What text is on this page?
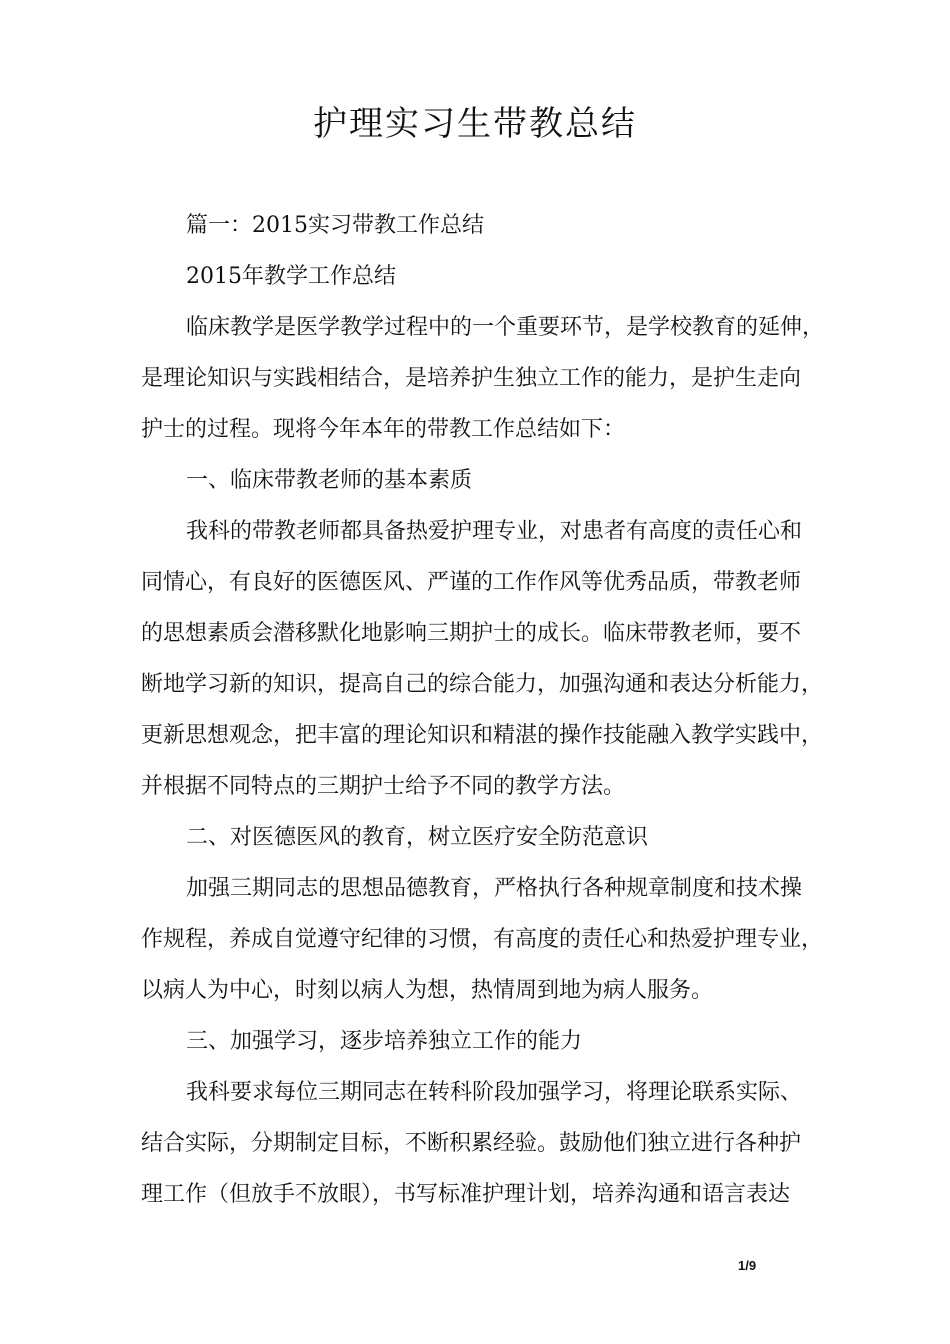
护理实习生带教总结
篇一：2015实习带教工作总结
2015年教学工作总结
临床教学是医学教学过程中的一个重要环节，是学校教育的延伸，
是理论知识与实践相结合，是培养护生独立工作的能力，是护生走向
护士的过程。现将今年本年的带教工作总结如下：
一、临床带教老师的基本素质
我科的带教老师都具备热爱护理专业，对患者有高度的责任心和
同情心，有良好的医德医风、严谨的工作作风等优秀品质，带教老师
的思想素质会潜移默化地影响三期护士的成长。临床带教老师，要不
断地学习新的知识，提高自己的综合能力，加强沟通和表达分析能力，
更新思想观念，把丰富的理论知识和精湛的操作技能融入教学实践中，
并根据不同特点的三期护士给予不同的教学方法。
二、对医德医风的教育，树立医疗安全防范意识
加强三期同志的思想品德教育，严格执行各种规章制度和技术操
作规程，养成自觉遵守纪律的习惯，有高度的责任心和热爱护理专业，
以病人为中心，时刻以病人为想，热情周到地为病人服务。
三、加强学习，逐步培养独立工作的能力
我科要求每位三期同志在转科阶段加强学习，将理论联系实际、
结合实际，分期制定目标，不断积累经验。鼓励他们独立进行各种护
理工作（但放手不放眼），书写标准护理计划，培养沟通和语言表达
1/9
